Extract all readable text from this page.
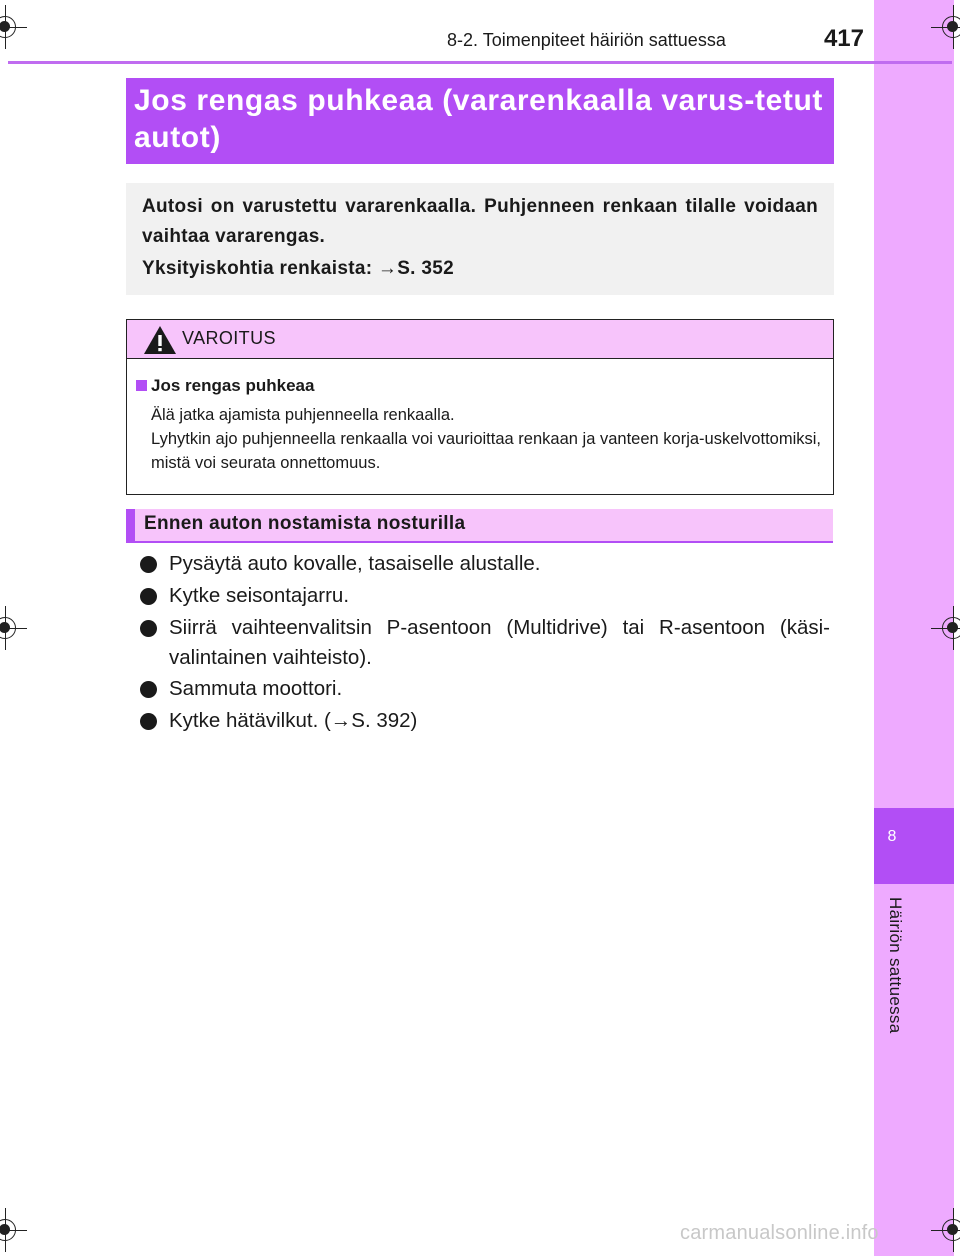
8
Häiriön sattuessa
8-2. Toimenpiteet häiriön sattuessa	417
Jos rengas puhkeaa (vararenkaalla varus-tetut autot)

Autosi on varustettu vararenkaalla. Puhjenneen renkaan tilalle voidaan vaihtaa vararengas.

Yksityiskohtia renkaista: →S. 352
VAROITUS
Jos rengas puhkeaa
Älä jatka ajamista puhjenneella renkaalla.
Lyhytkin ajo puhjenneella renkaalla voi vaurioittaa renkaan ja vanteen korja-uskelvottomiksi, mistä voi seurata onnettomuus.
Ennen auton nostamista nosturilla
Pysäytä auto kovalle, tasaiselle alustalle.
Kytke seisontajarru.
Siirrä vaihteenvalitsin P-asentoon (Multidrive) tai R-asentoon (käsi-valintainen vaihteisto).
Sammuta moottori.
Kytke hätävilkut. (→S. 392)
carmanualsonline.info
